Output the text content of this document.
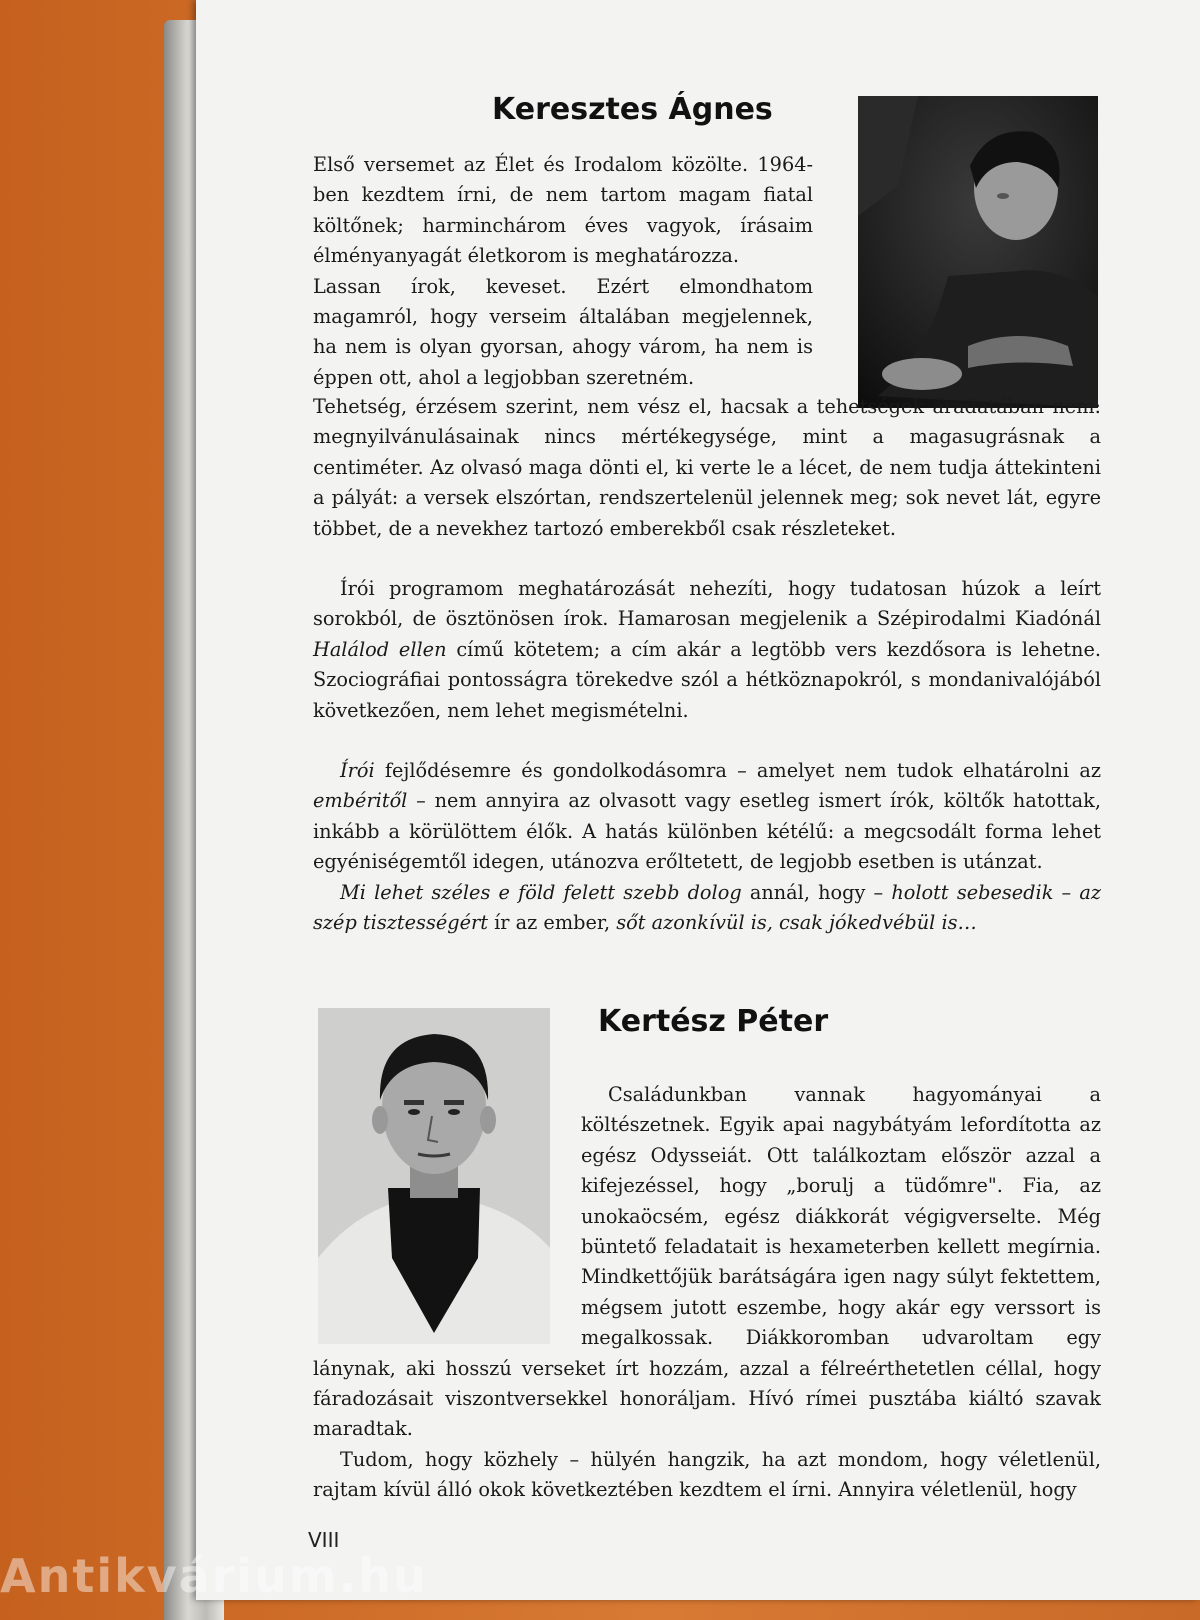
Keresztes Ágnes

Első versemet az Élet és Irodalom közölte. 1964-ben kezdtem írni, de nem tartom magam fiatal költőnek; harminchárom éves vagyok, írásaim élményanyagát életkorom is meghatározza.

Lassan írok, keveset. Ezért elmondhatom magamról, hogy verseim általában megjelennek, ha nem is olyan gyorsan, ahogy várom, ha nem is éppen ott, ahol a legjobban szeretném.

Tehetség, érzésem szerint, nem vész el, hacsak a tehetségek áradatában nem: megnyilvánulásainak nincs mértékegysége, mint a magasugrásnak a centiméter. Az olvasó maga dönti el, ki verte le a lécet, de nem tudja áttekinteni a pályát: a versek elszórtan, rendszertelenül jelennek meg; sok nevet lát, egyre többet, de a nevekhez tartozó emberekből csak részleteket.

Írói programom meghatározását nehezíti, hogy tudatosan húzok a leírt sorokból, de ösztönösen írok. Hamarosan megjelenik a Szépirodalmi Kiadónál Halálod ellen című kötetem; a cím akár a legtöbb vers kezdősora is lehetne. Szociográfiai pontosságra törekedve szól a hétköznapokról, s mondanivalójából következően, nem lehet megismételni.

Írói fejlődésemre és gondolkodásomra – amelyet nem tudok elhatárolni az embéritől – nem annyira az olvasott vagy esetleg ismert írók, költők hatottak, inkább a körülöttem élők. A hatás különben kétélű: a megcsodált forma lehet egyéniségemtől idegen, utánozva erőltetett, de legjobb esetben is utánzat.

Mi lehet széles e föld felett szebb dolog annál, hogy – holott sebesedik – az szép tisztességért ír az ember, sőt azonkívül is, csak jókedvébül is…

Kertész Péter

Családunkban vannak hagyományai a költészetnek. Egyik apai nagybátyám lefordította az egész Odysseiát. Ott találkoztam először azzal a kifejezéssel, hogy „borulj a tüdőmre". Fia, az unokaöcsém, egész diákkorát végigverselte. Még büntető feladatait is hexameterben kellett megírnia. Mindkettőjük barátságára igen nagy súlyt fektettem, mégsem jutott eszembe, hogy akár egy verssort is megalkossak. Diákkoromban udvaroltam egy lánynak, aki hosszú verseket írt hozzám, azzal a félreérthetetlen céllal, hogy fáradozásait viszontversekkel honoráljam. Hívó rímei pusztába kiáltó szavak maradtak.

Tudom, hogy közhely – hülyén hangzik, ha azt mondom, hogy véletlenül, rajtam kívül álló okok következtében kezdtem el írni. Annyira véletlenül, hogy

VIII
Antikvárium.hu
